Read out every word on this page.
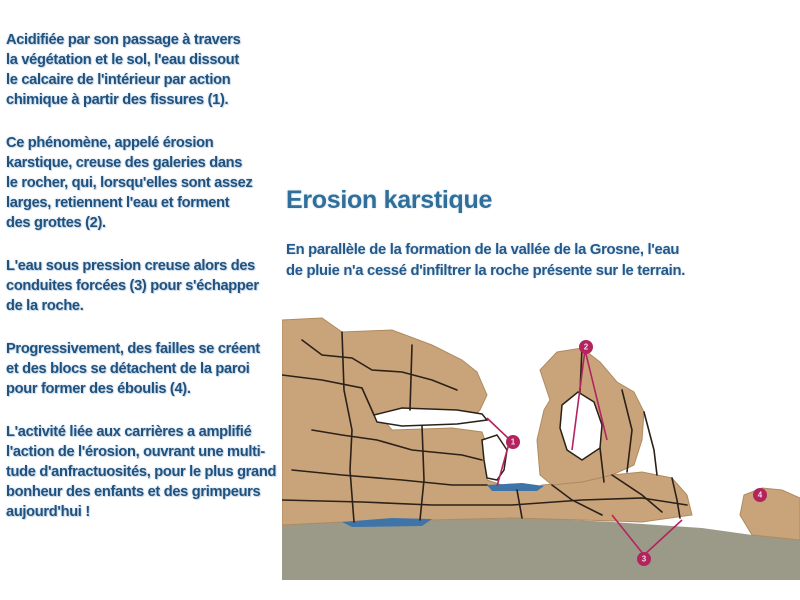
Acidifiée par son passage à travers
la végétation et le sol, l'eau dissout
le calcaire de l'intérieur par action
chimique à partir des fissures (1).

Ce phénomène, appelé érosion
karstique, creuse des galeries dans
le rocher, qui, lorsqu'elles sont assez
larges, retiennent l'eau et forment
des grottes (2).

L'eau sous pression creuse alors des
conduites forcées (3) pour s'échapper
de la roche.

Progressivement, des failles se créent
et des blocs se détachent de la paroi
pour former des éboulis (4).

L'activité liée aux carrières a amplifié
l'action de l'érosion, ouvrant une multi-
tude d'anfractuosités, pour le plus grand
bonheur des enfants et des grimpeurs
aujourd'hui !

Erosion karstique
En parallèle de la formation de la vallée de la Grosne, l'eau
de pluie n'a cessé d'infiltrer la roche présente sur le terrain.
1
2
3
4
